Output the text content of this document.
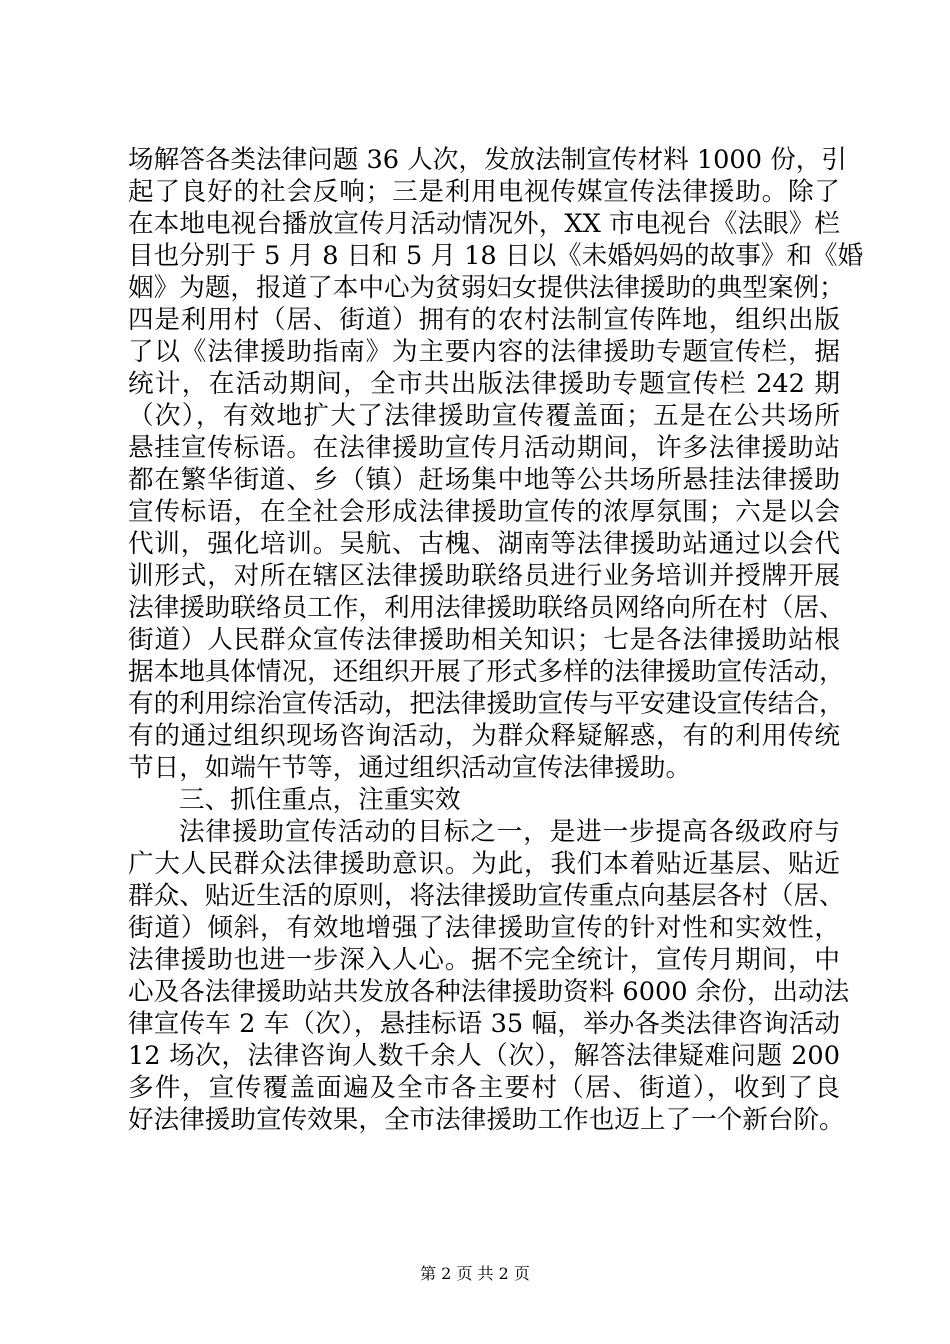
场解答各类法律问题 36 人次，发放法制宣传材料 1000 份，引
起了良好的社会反响；三是利用电视传媒宣传法律援助。除了
在本地电视台播放宣传月活动情况外，XX 市电视台《法眼》栏
目也分别于 5 月 8 日和 5 月 18 日以《未婚妈妈的故事》和《婚
姻》为题，报道了本中心为贫弱妇女提供法律援助的典型案例；
四是利用村（居、街道）拥有的农村法制宣传阵地，组织出版
了以《法律援助指南》为主要内容的法律援助专题宣传栏，据
统计，在活动期间，全市共出版法律援助专题宣传栏 242 期
（次），有效地扩大了法律援助宣传覆盖面；五是在公共场所
悬挂宣传标语。在法律援助宣传月活动期间，许多法律援助站
都在繁华街道、乡（镇）赶场集中地等公共场所悬挂法律援助
宣传标语，在全社会形成法律援助宣传的浓厚氛围；六是以会
代训，强化培训。吴航、古槐、湖南等法律援助站通过以会代
训形式，对所在辖区法律援助联络员进行业务培训并授牌开展
法律援助联络员工作，利用法律援助联络员网络向所在村（居、
街道）人民群众宣传法律援助相关知识；七是各法律援助站根
据本地具体情况，还组织开展了形式多样的法律援助宣传活动，
有的利用综治宣传活动，把法律援助宣传与平安建设宣传结合，
有的通过组织现场咨询活动，为群众释疑解惑，有的利用传统
节日，如端午节等，通过组织活动宣传法律援助。
三、抓住重点，注重实效
法律援助宣传活动的目标之一，是进一步提高各级政府与
广大人民群众法律援助意识。为此，我们本着贴近基层、贴近
群众、贴近生活的原则，将法律援助宣传重点向基层各村（居、
街道）倾斜，有效地增强了法律援助宣传的针对性和实效性，
法律援助也进一步深入人心。据不完全统计，宣传月期间，中
心及各法律援助站共发放各种法律援助资料 6000 余份，出动法
律宣传车 2 车（次），悬挂标语 35 幅，举办各类法律咨询活动
12 场次，法律咨询人数千余人（次），解答法律疑难问题 200
多件，宣传覆盖面遍及全市各主要村（居、街道），收到了良
好法律援助宣传效果，全市法律援助工作也迈上了一个新台阶。
第 2 页 共 2 页
